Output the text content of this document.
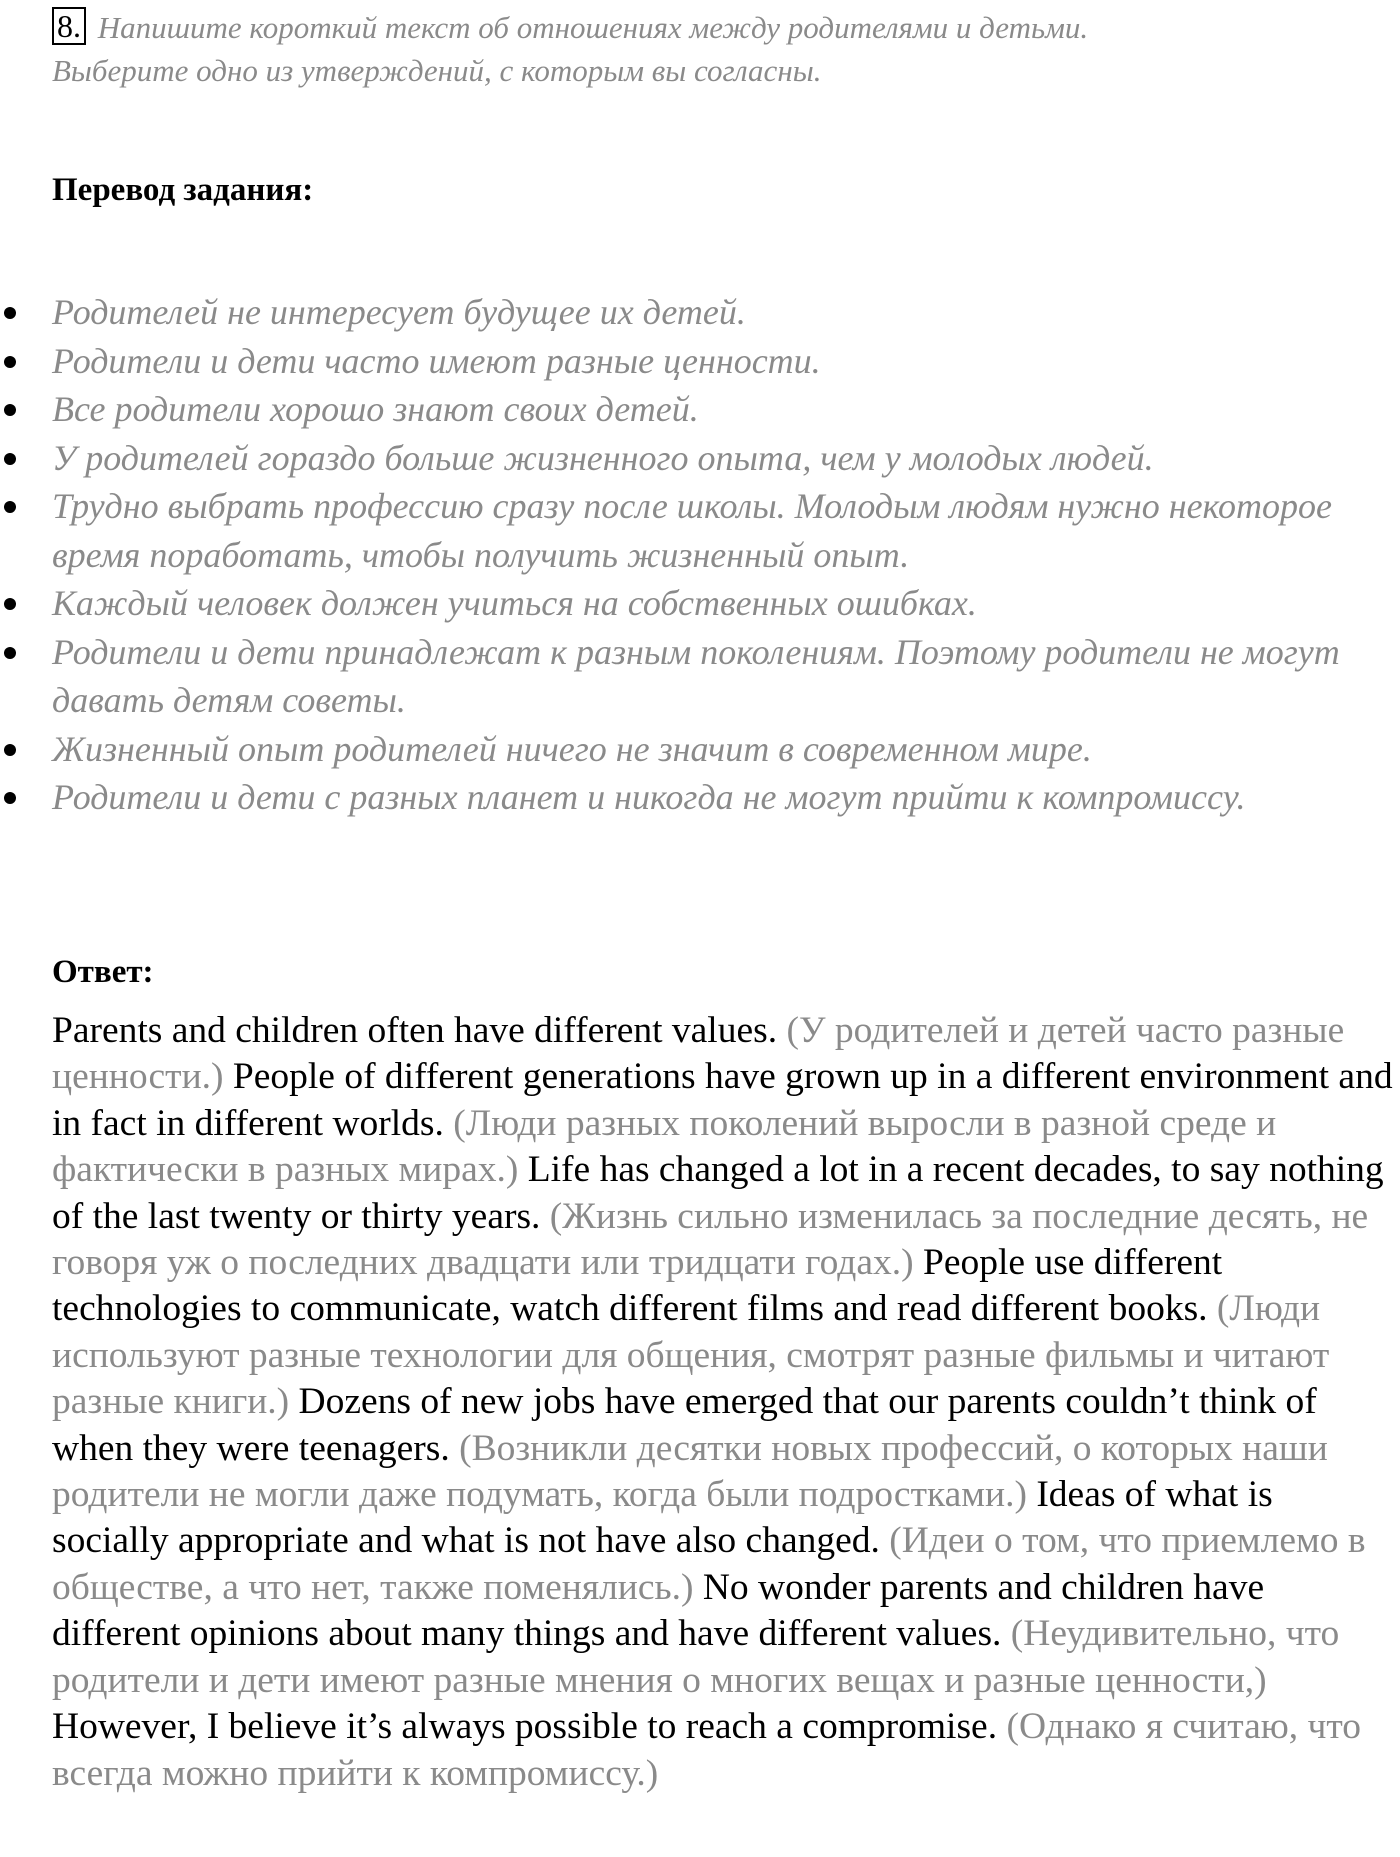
8. Напишите короткий текст об отношениях между родителями и детьми.
Выберите одно из утверждений, с которым вы согласны.
Перевод задания:
Родителей не интересует будущее их детей.
Родители и дети часто имеют разные ценности.
Все родители хорошо знают своих детей.
У родителей гораздо больше жизненного опыта, чем у молодых людей.
Трудно выбрать профессию сразу после школы. Молодым людям нужно некоторое время поработать, чтобы получить жизненный опыт.
Каждый человек должен учиться на собственных ошибках.
Родители и дети принадлежат к разным поколениям. Поэтому родители не могут давать детям советы.
Жизненный опыт родителей ничего не значит в современном мире.
Родители и дети с разных планет и никогда не могут прийти к компромиссу.
Ответ:

Parents and children often have different values. (У родителей и детей часто разные ценности.) People of different generations have grown up in a different environment and in fact in different worlds. (Люди разных поколений выросли в разной среде и фактически в разных мирах.) Life has changed a lot in a recent decades, to say nothing of the last twenty or thirty years. (Жизнь сильно изменилась за последние десять, не говоря уж о последних двадцати или тридцати годах.) People use different technologies to communicate, watch different films and read different books. (Люди используют разные технологии для общения, смотрят разные фильмы и читают разные книги.) Dozens of new jobs have emerged that our parents couldn’t think of when they were teenagers. (Возникли десятки новых профессий, о которых наши родители не могли даже подумать, когда были подростками.) Ideas of what is socially appropriate and what is not have also changed. (Идеи о том, что приемлемо в обществе, а что нет, также поменялись.) No wonder parents and children have different opinions about many things and have different values. (Неудивительно, что родители и дети имеют разные мнения о многих вещах и разные ценности,) However, I believe it’s always possible to reach a compromise. (Однако я считаю, что всегда можно прийти к компромиссу.)
